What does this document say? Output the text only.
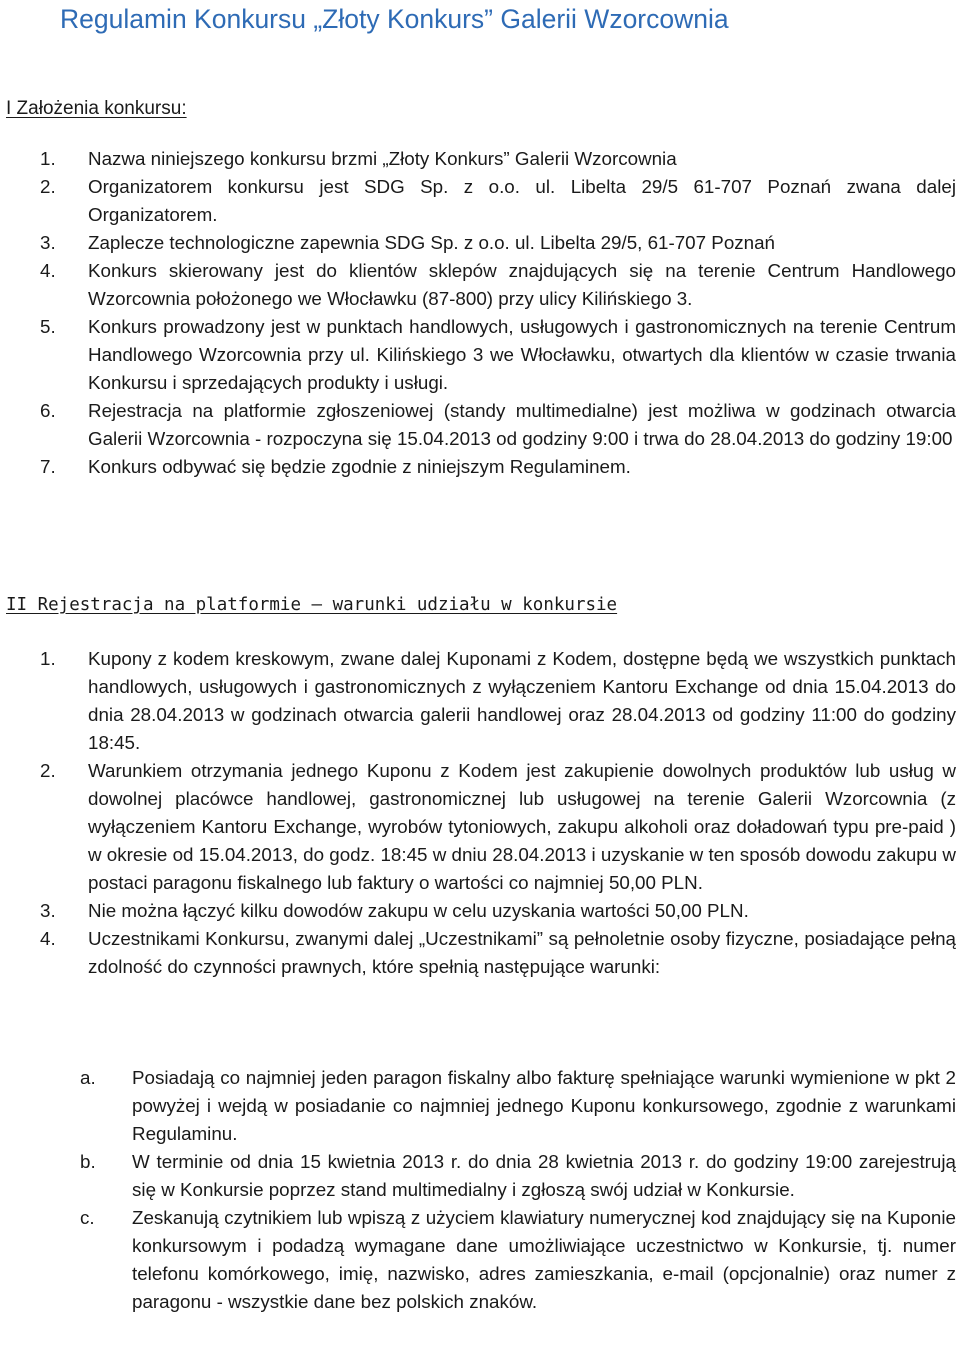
Regulamin Konkursu „Złoty Konkurs” Galerii Wzorcownia
I Założenia konkursu:
1. Nazwa niniejszego konkursu brzmi „Złoty Konkurs” Galerii Wzorcownia
2. Organizatorem konkursu jest SDG Sp. z o.o. ul. Libelta 29/5 61-707 Poznań zwana dalej Organizatorem.
3. Zaplecze technologiczne zapewnia SDG Sp. z o.o. ul. Libelta 29/5, 61-707 Poznań
4. Konkurs skierowany jest do klientów sklepów znajdujących się na terenie Centrum Handlowego Wzorcownia położonego we Włocławku (87-800) przy ulicy Kilińskiego 3.
5. Konkurs prowadzony jest w punktach handlowych, usługowych i gastronomicznych na terenie Centrum Handlowego Wzorcownia przy ul. Kilińskiego 3 we Włocławku, otwartych dla klientów w czasie trwania Konkursu i sprzedających produkty i usługi.
6. Rejestracja na platformie zgłoszeniowej (standy multimedialne) jest możliwa w godzinach otwarcia Galerii Wzorcownia - rozpoczyna się 15.04.2013 od godziny 9:00 i trwa do 28.04.2013 do godziny 19:00
7. Konkurs odbywać się będzie zgodnie z niniejszym Regulaminem.
II Rejestracja na platformie – warunki udziału w konkursie
1. Kupony z kodem kreskowym, zwane dalej Kuponami z Kodem, dostępne będą we wszystkich punktach handlowych, usługowych i gastronomicznych z wyłączeniem Kantoru Exchange od dnia 15.04.2013 do dnia 28.04.2013 w godzinach otwarcia galerii handlowej oraz 28.04.2013 od godziny 11:00 do godziny 18:45.
2. Warunkiem otrzymania jednego Kuponu z Kodem jest zakupienie dowolnych produktów lub usług w dowolnej placówce handlowej, gastronomicznej lub usługowej na terenie Galerii Wzorcownia (z wyłączeniem Kantoru Exchange, wyrobów tytoniowych, zakupu alkoholi oraz doładowań typu pre-paid ) w okresie od 15.04.2013, do godz. 18:45 w dniu 28.04.2013 i uzyskanie w ten sposób dowodu zakupu w postaci paragonu fiskalnego lub faktury o wartości co najmniej 50,00 PLN.
3. Nie można łączyć kilku dowodów zakupu w celu uzyskania wartości 50,00 PLN.
4. Uczestnikami Konkursu, zwanymi dalej „Uczestnikami” są pełnoletnie osoby fizyczne, posiadające pełną zdolność do czynności prawnych, które spełnią następujące warunki:
a. Posiadają co najmniej jeden paragon fiskalny albo fakturę spełniające warunki wymienione w pkt 2 powyżej i wejdą w posiadanie co najmniej jednego Kuponu konkursowego, zgodnie z warunkami Regulaminu.
b. W terminie od dnia 15 kwietnia 2013 r. do dnia 28 kwietnia 2013 r. do godziny 19:00 zarejestrują się w Konkursie poprzez stand multimedialny i zgłoszą swój udział w Konkursie.
c. Zeskanują czytnikiem lub wpiszą z użyciem klawiatury numerycznej kod znajdujący się na Kuponie konkursowym i podadzą wymagane dane umożliwiające uczestnictwo w Konkursie, tj. numer telefonu komórkowego, imię, nazwisko, adres zamieszkania, e-mail (opcjonalnie) oraz numer z paragonu - wszystkie dane bez polskich znaków.
